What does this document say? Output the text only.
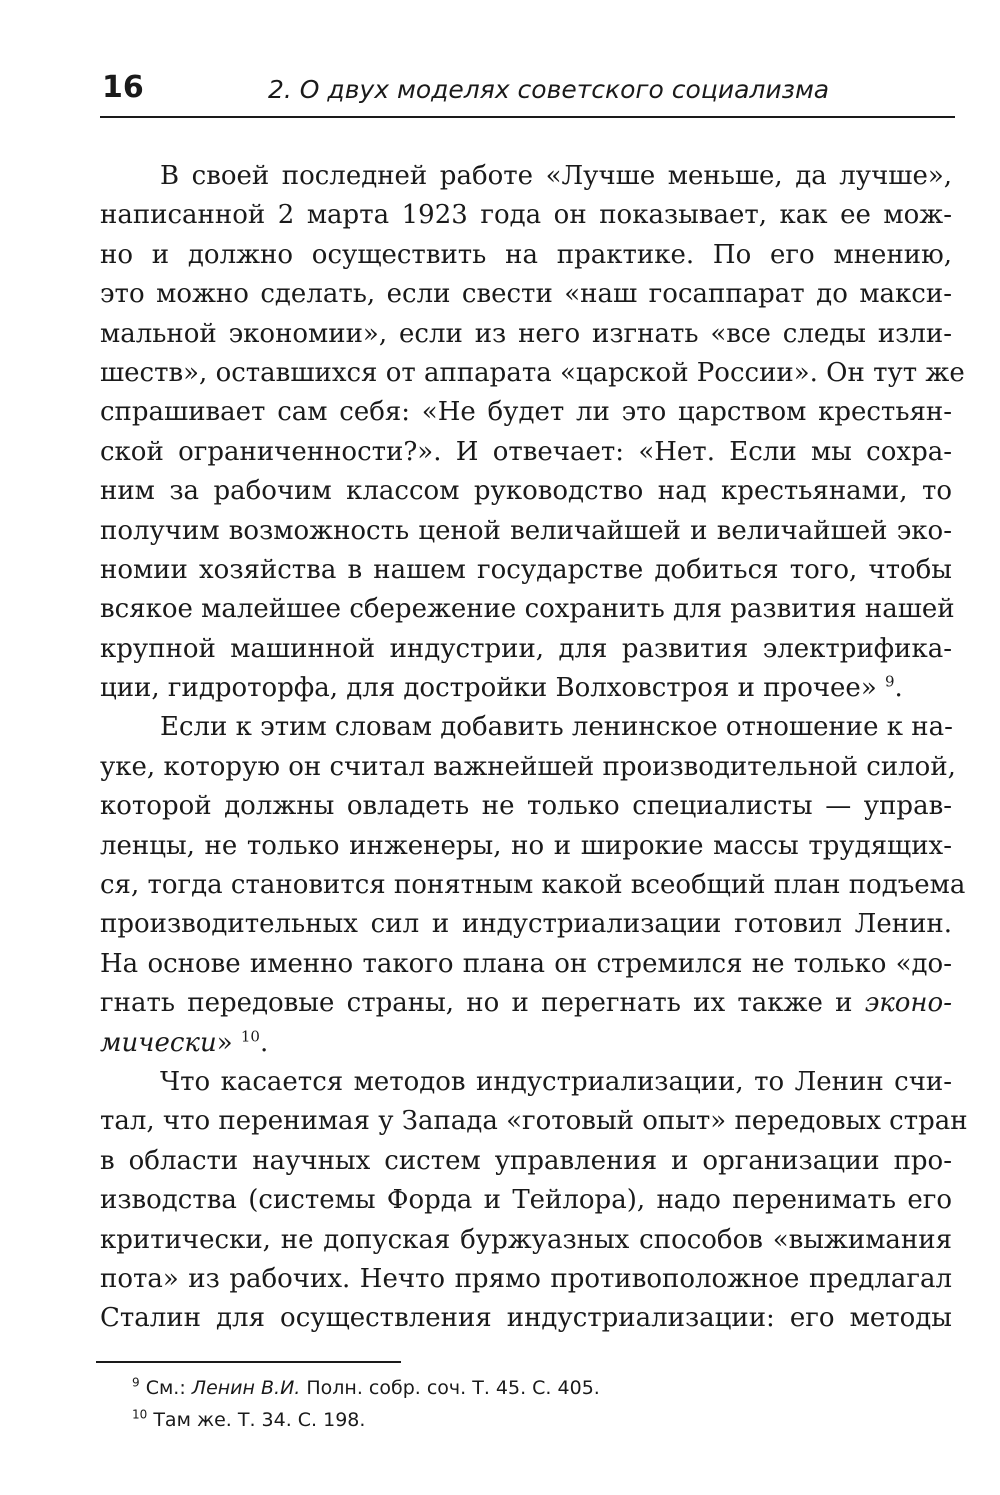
16	2. О двух моделях советского социализма

В своей последней работе «Лучше меньше, да лучше»,
написанной 2 марта 1923 года он показывает, как ее мож-
но и должно осуществить на практике. По его мнению,
это можно сделать, если свести «наш госаппарат до макси-
мальной экономии», если из него изгнать «все следы изли-
шеств», оставшихся от аппарата «царской России». Он тут же
спрашивает сам себя: «Не будет ли это царством крестьян-
ской ограниченности?». И отвечает: «Нет. Если мы сохра-
ним за рабочим классом руководство над крестьянами, то
получим возможность ценой величайшей и величайшей эко-
номии хозяйства в нашем государстве добиться того, чтобы
всякое малейшее сбережение сохранить для развития нашей
крупной машинной индустрии, для развития электрифика-
ции, гидроторфа, для достройки Волховстроя и прочее» $^9$.

Если к этим словам добавить ленинское отношение к на-
уке, которую он считал важнейшей производительной силой,
которой должны овладеть не только специалисты — управ-
ленцы, не только инженеры, но и широкие массы трудящих-
ся, тогда становится понятным какой всеобщий план подъема
производительных сил и индустриализации готовил Ленин.
На основе именно такого плана он стремился не только «до-
гнать передовые страны, но и перегнать их также и эконо-
мически» $^{10}$.

Что касается методов индустриализации, то Ленин счи-
тал, что перенимая у Запада «готовый опыт» передовых стран
в области научных систем управления и организации про-
изводства (системы Форда и Тейлора), надо перенимать его
критически, не допуская буржуазных способов «выжимания
пота» из рабочих. Нечто прямо противоположное предлагал
Сталин для осуществления индустриализации: его методы

$^9$ См.: Ленин В.И. Полн. собр. соч. Т. 45. С. 405.
$^{10}$ Там же. Т. 34. С. 198.
